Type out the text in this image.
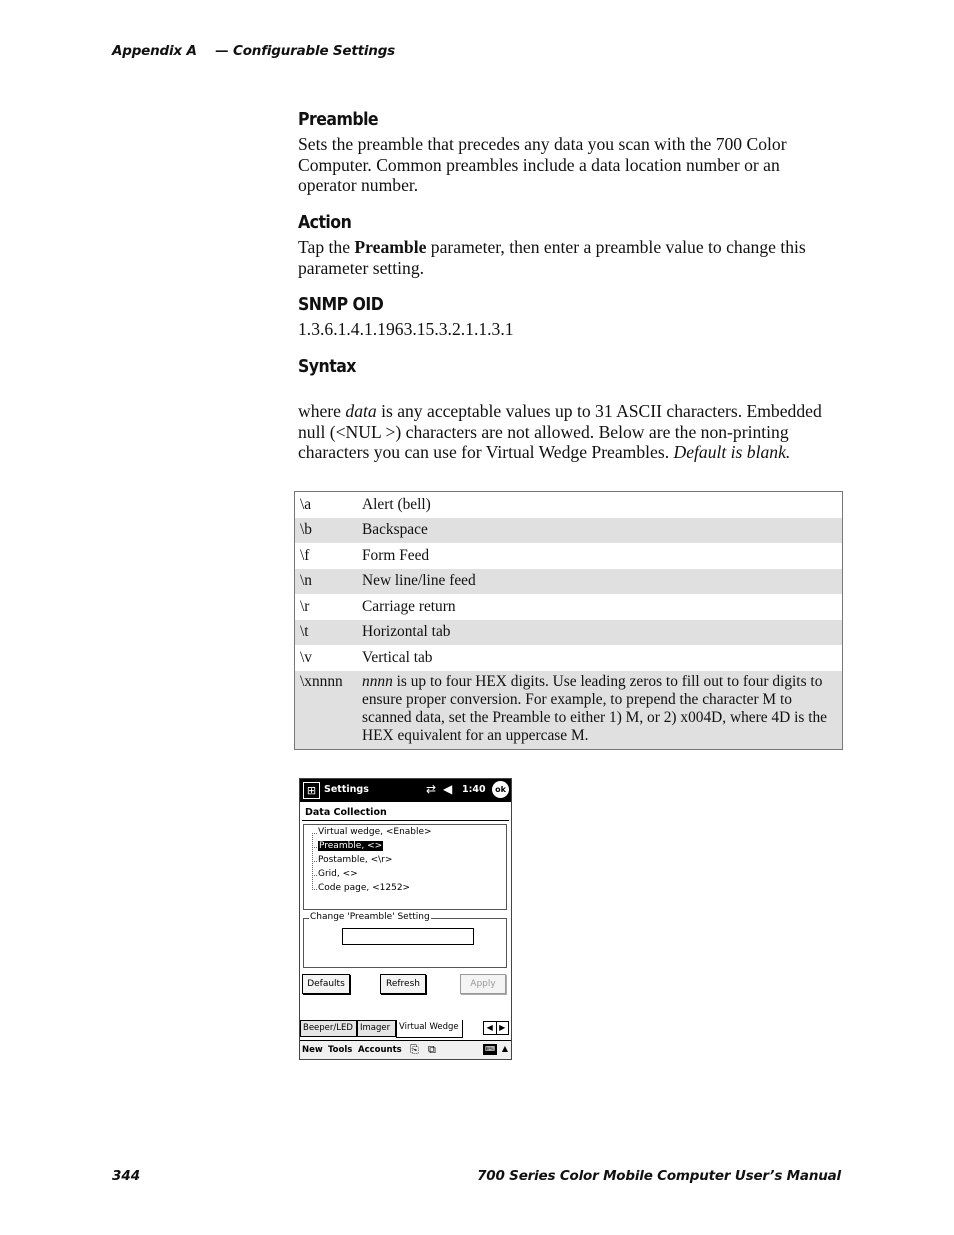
Appendix A — Configurable Settings
Preamble

Sets the preamble that precedes any data you scan with the 700 Color Computer. Common preambles include a data location number or an operator number.

Action

Tap the Preamble parameter, then enter a preamble value to change this parameter setting.

SNMP OID

1.3.6.1.4.1.1963.15.3.2.1.1.3.1

Syntax

where data is any acceptable values up to 31 ASCII characters. Embedded null (<NUL >) characters are not allowed. Below are the non-printing characters you can use for Virtual Wedge Preambles. Default is blank.

\a	Alert (bell)
\b	Backspace
\f	Form Feed
\n	New line/line feed
\r	Carriage return
\t	Horizontal tab
\v	Vertical tab
\xnnnn	nnnn is up to four HEX digits. Use leading zeros to fill out to four digits to ensure proper conversion. For example, to prepend the character M to scanned data, set the Preamble to either 1) M, or 2) x004D, where 4D is the HEX equivalent for an uppercase M.
⊞ Settings	⇄ ◀ 1:40	ok
Data Collection
Virtual wedge, <Enable>
Preamble, <>
Postamble, <\r>
Grid, <>
Code page, <1252>
Change 'Preamble' Setting
Defaults	Refresh	Apply
Beeper/LED Imager	Virtual Wedge	◀ ▶
New Tools Accounts ⎘ ⧉	⌨ ▲
344	700 Series Color Mobile Computer User’s Manual
